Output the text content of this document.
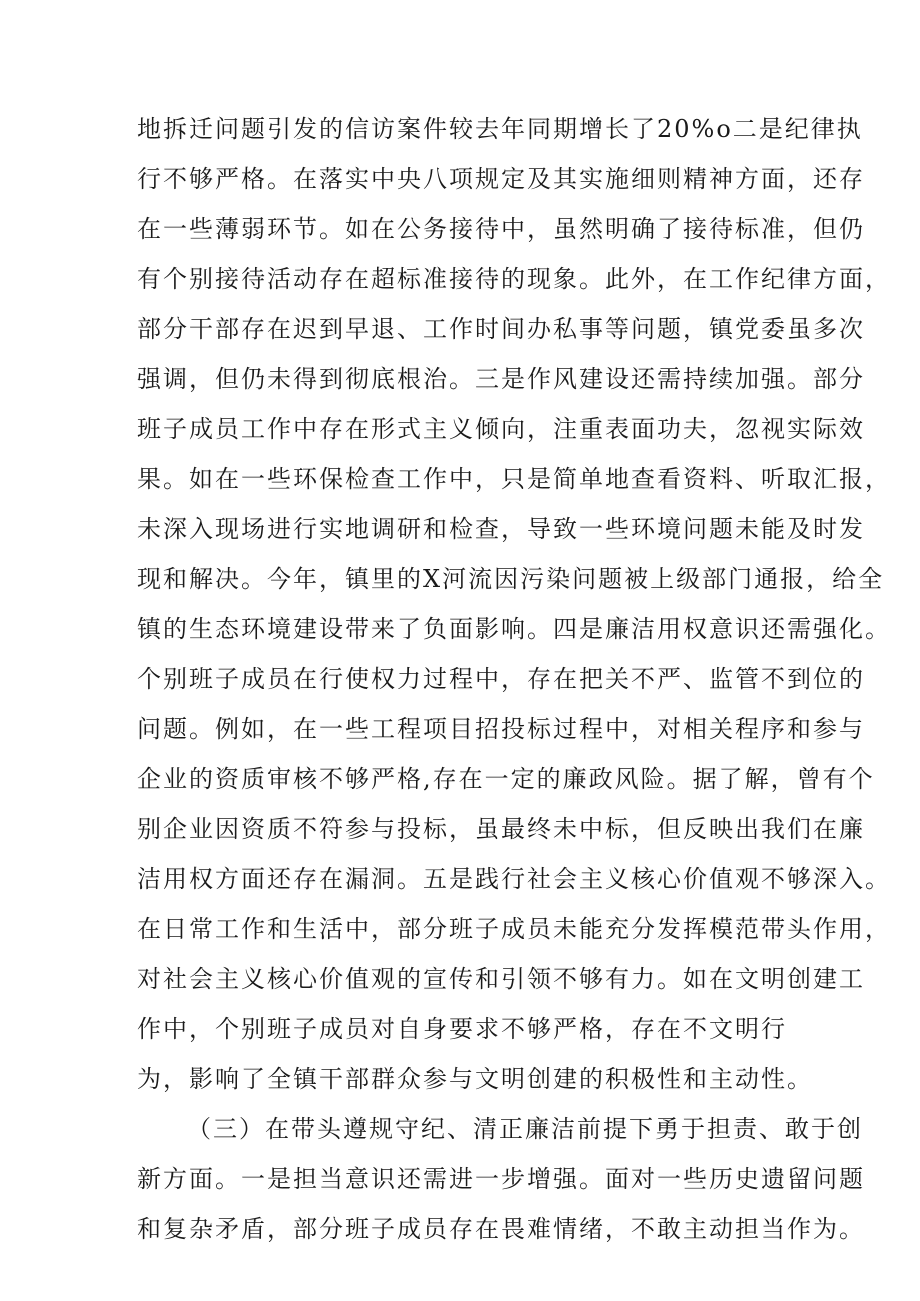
地拆迁问题引发的信访案件较去年同期增长了20%o二是纪律执
行不够严格。在落实中央八项规定及其实施细则精神方面，还存
在一些薄弱环节。如在公务接待中，虽然明确了接待标准，但仍
有个别接待活动存在超标准接待的现象。此外，在工作纪律方面，
部分干部存在迟到早退、工作时间办私事等问题，镇党委虽多次
强调，但仍未得到彻底根治。三是作风建设还需持续加强。部分
班子成员工作中存在形式主义倾向，注重表面功夫，忽视实际效
果。如在一些环保检查工作中，只是简单地查看资料、听取汇报，
未深入现场进行实地调研和检查，导致一些环境问题未能及时发
现和解决。今年，镇里的X河流因污染问题被上级部门通报，给全
镇的生态环境建设带来了负面影响。四是廉洁用权意识还需强化。
个别班子成员在行使权力过程中，存在把关不严、监管不到位的
问题。例如，在一些工程项目招投标过程中，对相关程序和参与
企业的资质审核不够严格,存在一定的廉政风险。据了解，曾有个
别企业因资质不符参与投标，虽最终未中标，但反映出我们在廉
洁用权方面还存在漏洞。五是践行社会主义核心价值观不够深入。
在日常工作和生活中，部分班子成员未能充分发挥模范带头作用，
对社会主义核心价值观的宣传和引领不够有力。如在文明创建工
作中，个别班子成员对自身要求不够严格，存在不文明行
为，影响了全镇干部群众参与文明创建的积极性和主动性。
（三）在带头遵规守纪、清正廉洁前提下勇于担责、敢于创
新方面。一是担当意识还需进一步增强。面对一些历史遗留问题
和复杂矛盾，部分班子成员存在畏难情绪，不敢主动担当作为。
